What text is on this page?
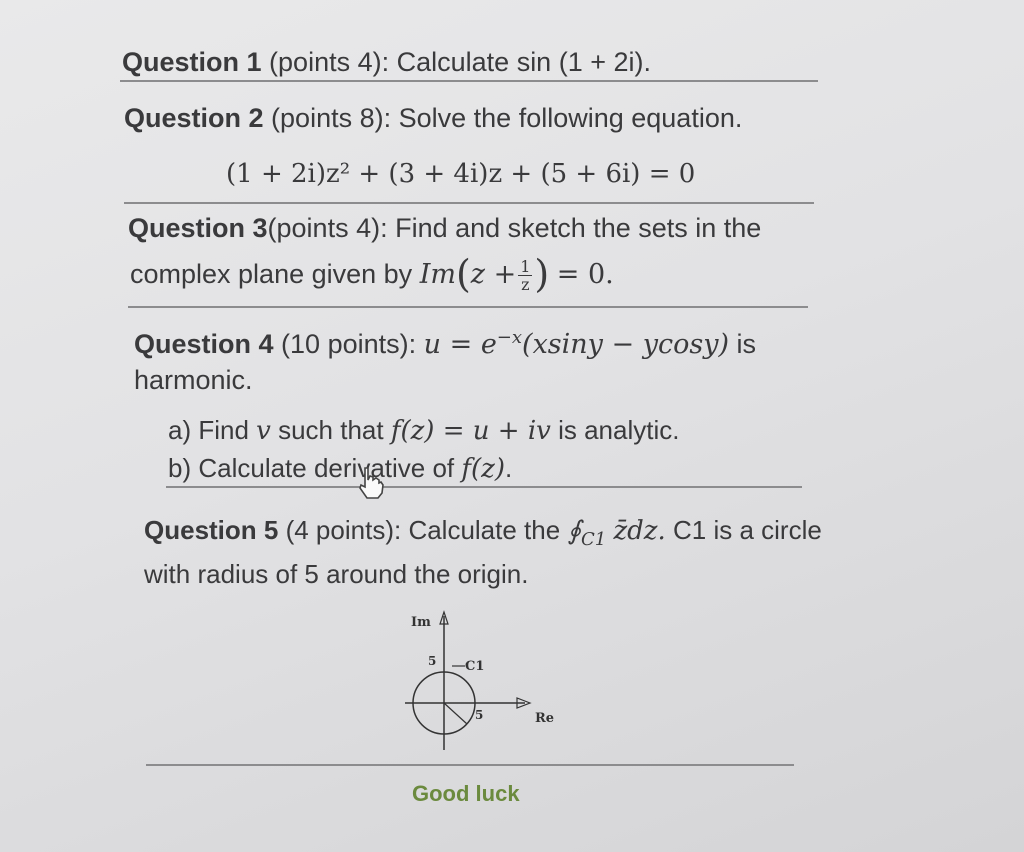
Question 1 (points 4): Calculate sin (1 + 2i).
Question 2 (points 8): Solve the following equation.
(1 + 2i)z² + (3 + 4i)z + (5 + 6i) = 0
Question 3(points 4): Find and sketch the sets in the
complex plane given by $Im(z + \frac{1}{z}$ ) = 0.
Question 4 (10 points): $u = e^{-x}(xsiny - ycosy)$ is
harmonic.
a) Find v such that f(z) = u + iv is analytic.
b) Calculate derivative of f(z).
Question 5 (4 points): Calculate the $∮_{C1}$ z̄dz. C1 is a circle
with radius of 5 around the origin.
Im
Re
C1
5
5
Good luck
